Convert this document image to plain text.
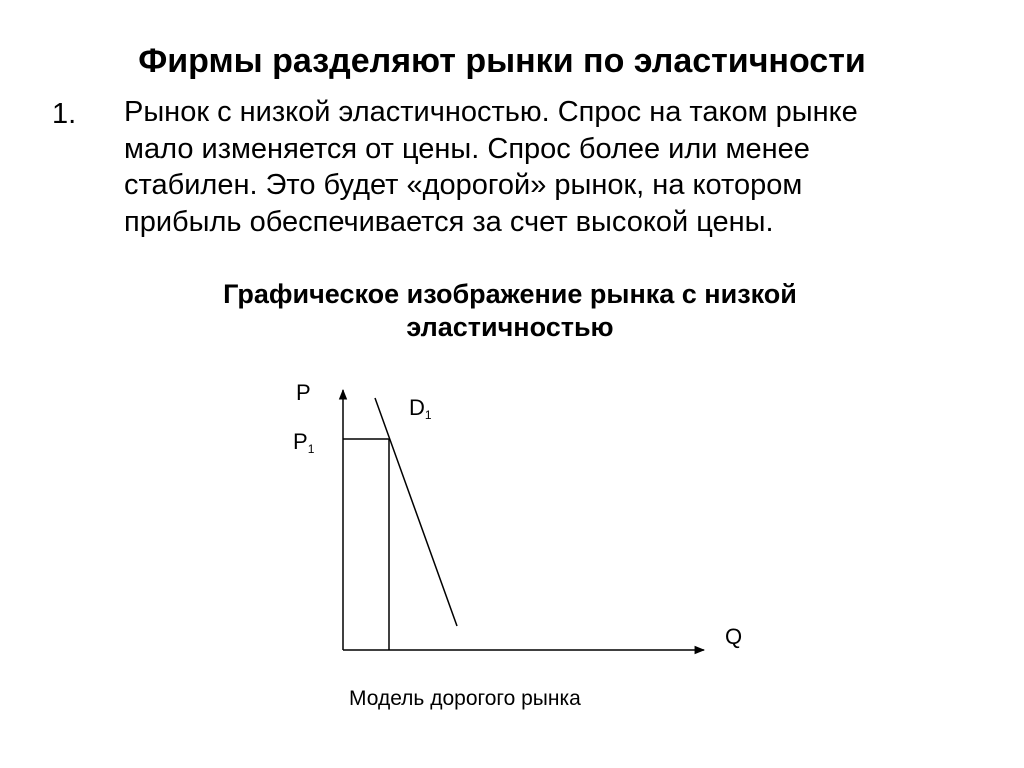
Фирмы разделяют рынки по эластичности
1. Рынок с низкой эластичностью. Спрос на таком рынке мало изменяется от цены. Спрос более или менее стабилен. Это будет «дорогой» рынок, на котором прибыль обеспечивается за счет высокой цены.
Графическое изображение рынка с низкой
эластичностью
P
$P_1$
$D_1$
Q
Модель дорогого рынка
